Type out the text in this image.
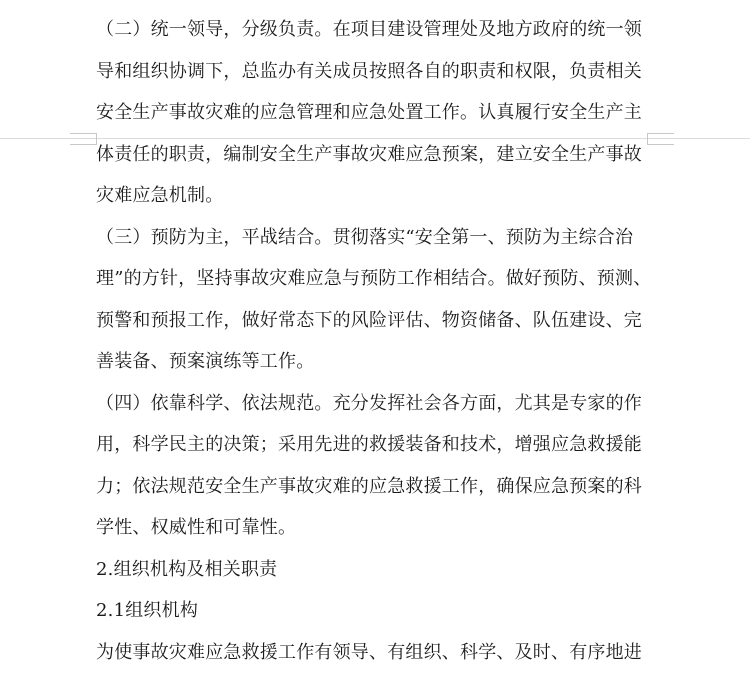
（二）统一领导，分级负责。在项目建设管理处及地方政府的统一领
导和组织协调下，总监办有关成员按照各自的职责和权限，负责相关
安全生产事故灾难的应急管理和应急处置工作。认真履行安全生产主
体责任的职责，编制安全生产事故灾难应急预案，建立安全生产事故
灾难应急机制。
（三）预防为主，平战结合。贯彻落实“安全第一、预防为主综合治
理”的方针，坚持事故灾难应急与预防工作相结合。做好预防、预测、
预警和预报工作，做好常态下的风险评估、物资储备、队伍建设、完
善装备、预案演练等工作。
（四）依靠科学、依法规范。充分发挥社会各方面，尤其是专家的作
用，科学民主的决策；采用先进的救援装备和技术，增强应急救援能
力；依法规范安全生产事故灾难的应急救援工作，确保应急预案的科
学性、权威性和可靠性。
2.组织机构及相关职责
2.1组织机构
为使事故灾难应急救援工作有领导、有组织、科学、及时、有序地进
